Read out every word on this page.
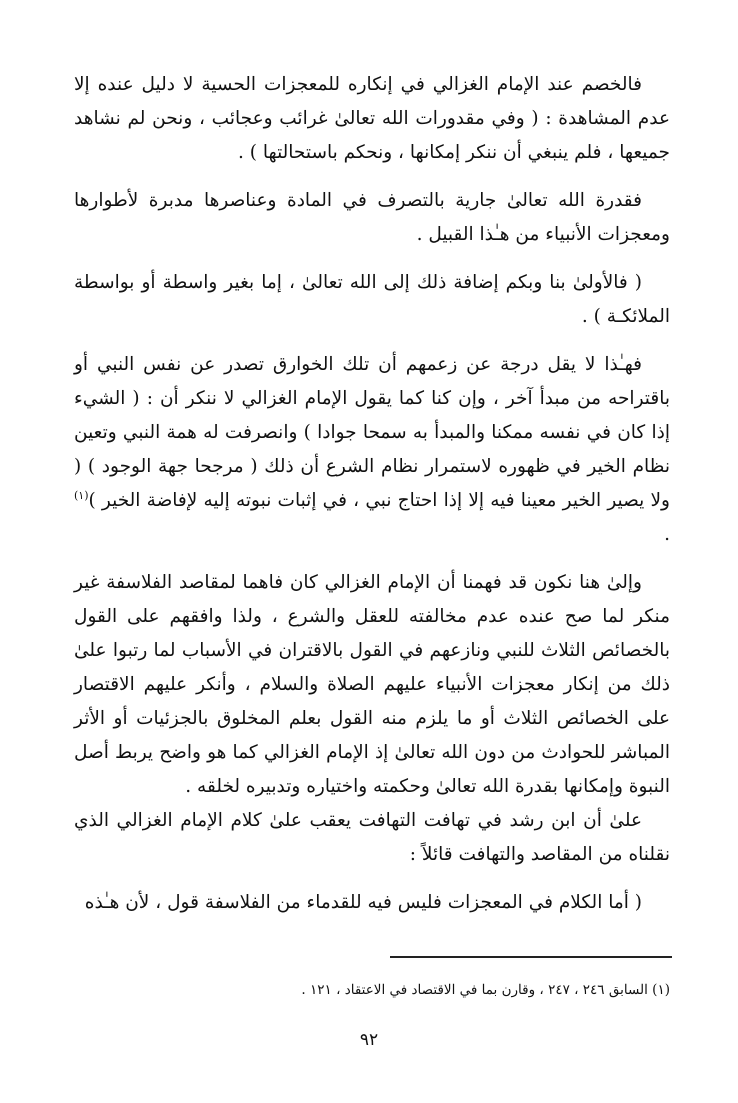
فالخصم عند الإمام الغزالي في إنكاره للمعجزات الحسية لا دليل عنده إلا عدم المشاهدة : ( وفي مقدورات الله تعالىٰ غرائب وعجائب ، ونحن لم نشاهد جميعها ، فلم ينبغي أن ننكر إمكانها ، ونحكم باستحالتها ) .

فقدرة الله تعالىٰ جارية بالتصرف في المادة وعناصرها مدبرة لأطوارها ومعجزات الأنبياء من هـٰذا القبيل .

( فالأولىٰ بنا وبكم إضافة ذلك إلى الله تعالىٰ ، إما بغير واسطة أو بواسطة الملائكـة ) .

فهـٰذا لا يقل درجة عن زعمهم أن تلك الخوارق تصدر عن نفس النبي أو باقتراحه من مبدأ آخر ، وإن كنا كما يقول الإمام الغزالي لا ننكر أن : ( الشيء إذا كان في نفسه ممكنا والمبدأ به سمحا جوادا ) وانصرفت له همة النبي وتعين نظام الخير في ظهوره لاستمرار نظام الشرع أن ذلك ( مرجحا جهة الوجود ) ( ولا يصير الخير معينا فيه إلا إذا احتاج نبي ، في إثبات نبوته إليه لإفاضة الخير )$^{(١)}$ .

وإلىٰ هنا نكون قد فهمنا أن الإمام الغزالي كان فاهما لمقاصد الفلاسفة غير منكر لما صح عنده عدم مخالفته للعقل والشرع ، ولذا وافقهم على القول بالخصائص الثلاث للنبي ونازعهم في القول بالاقتران في الأسباب لما رتبوا علىٰ ذلك من إنكار معجزات الأنبياء عليهم الصلاة والسلام ، وأنكر عليهم الاقتصار على الخصائص الثلاث أو ما يلزم منه القول بعلم المخلوق بالجزئيات أو الأثر المباشر للحوادث من دون الله تعالىٰ إذ الإمام الغزالي كما هو واضح يربط أصل النبوة وإمكانها بقدرة الله تعالىٰ وحكمته واختياره وتدبيره لخلقه .

علىٰ أن ابن رشد في تهافت التهافت يعقب علىٰ كلام الإمام الغزالي الذي نقلناه من المقاصد والتهافت قائلاً :

( أما الكلام في المعجزات فليس فيه للقدماء من الفلاسفة قول ، لأن هـٰذه

(١) السابق ٢٤٦ ، ٢٤٧ ، وقارن بما في الاقتصاد في الاعتقاد ، ١٢١ .

٩٢
